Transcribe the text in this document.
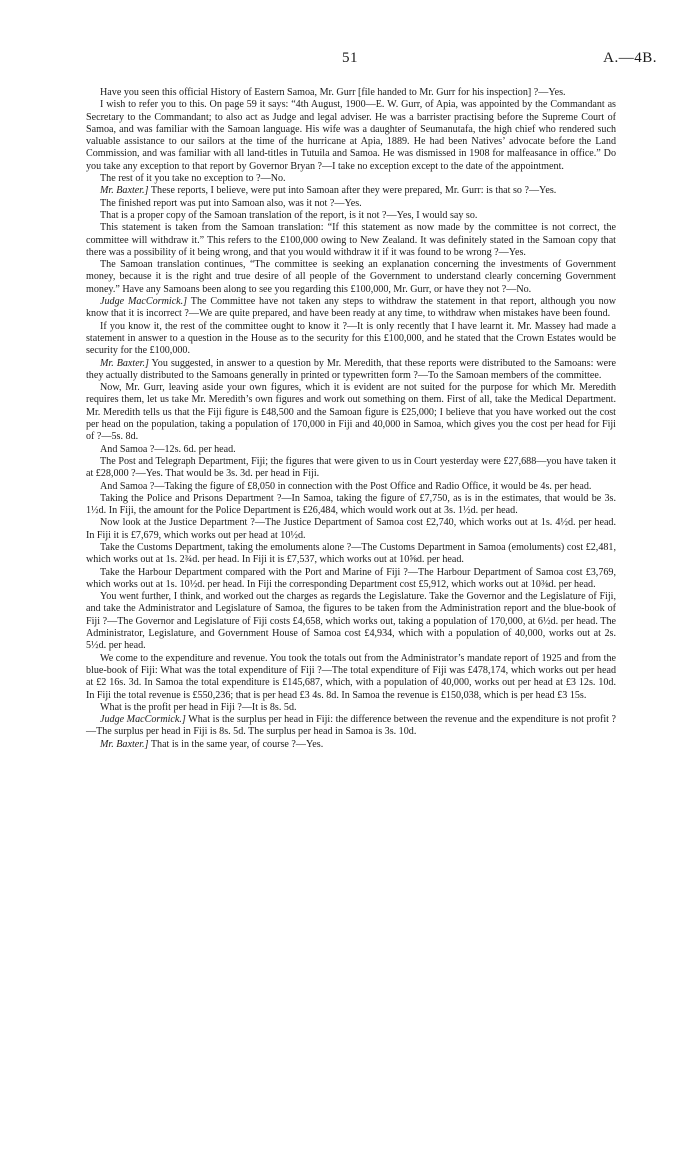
51	A.—4B.

Have you seen this official History of Eastern Samoa, Mr. Gurr [file handed to Mr. Gurr for his inspection] ?—Yes.

I wish to refer you to this. On page 59 it says: “4th August, 1900—E. W. Gurr, of Apia, was appointed by the Commandant as Secretary to the Commandant; to also act as Judge and legal adviser. He was a barrister practising before the Supreme Court of Samoa, and was familiar with the Samoan language. His wife was a daughter of Seumanutafa, the high chief who rendered such valuable assistance to our sailors at the time of the hurricane at Apia, 1889. He had been Natives’ advocate before the Land Commission, and was familiar with all land-titles in Tutuila and Samoa. He was dismissed in 1908 for malfeasance in office.” Do you take any exception to that report by Governor Bryan ?—I take no exception except to the date of the appointment.

The rest of it you take no exception to ?—No.

Mr. Baxter.] These reports, I believe, were put into Samoan after they were prepared, Mr. Gurr: is that so ?—Yes.

The finished report was put into Samoan also, was it not ?—Yes.

That is a proper copy of the Samoan translation of the report, is it not ?—Yes, I would say so.

This statement is taken from the Samoan translation: “If this statement as now made by the committee is not correct, the committee will withdraw it.” This refers to the £100,000 owing to New Zealand. It was definitely stated in the Samoan copy that there was a possibility of it being wrong, and that you would withdraw it if it was found to be wrong ?—Yes.

The Samoan translation continues, “The committee is seeking an explanation concerning the investments of Government money, because it is the right and true desire of all people of the Government to understand clearly concerning Government money.” Have any Samoans been along to see you regarding this £100,000, Mr. Gurr, or have they not ?—No.

Judge MacCormick.] The Committee have not taken any steps to withdraw the statement in that report, although you now know that it is incorrect ?—We are quite prepared, and have been ready at any time, to withdraw when mistakes have been found.

If you know it, the rest of the committee ought to know it ?—It is only recently that I have learnt it. Mr. Massey had made a statement in answer to a question in the House as to the security for this £100,000, and he stated that the Crown Estates would be security for the £100,000.

Mr. Baxter.] You suggested, in answer to a question by Mr. Meredith, that these reports were distributed to the Samoans: were they actually distributed to the Samoans generally in printed or typewritten form ?—To the Samoan members of the committee.

Now, Mr. Gurr, leaving aside your own figures, which it is evident are not suited for the purpose for which Mr. Meredith requires them, let us take Mr. Meredith’s own figures and work out something on them. First of all, take the Medical Department. Mr. Meredith tells us that the Fiji figure is £48,500 and the Samoan figure is £25,000; I believe that you have worked out the cost per head on the population, taking a population of 170,000 in Fiji and 40,000 in Samoa, which gives you the cost per head for Fiji of ?—5s. 8d.

And Samoa ?—12s. 6d. per head.

The Post and Telegraph Department, Fiji; the figures that were given to us in Court yesterday were £27,688—you have taken it at £28,000 ?—Yes. That would be 3s. 3d. per head in Fiji.

And Samoa ?—Taking the figure of £8,050 in connection with the Post Office and Radio Office, it would be 4s. per head.

Taking the Police and Prisons Department ?—In Samoa, taking the figure of £7,750, as is in the estimates, that would be 3s. 1½d. In Fiji, the amount for the Police Department is £26,484, which would work out at 3s. 1½d. per head.

Now look at the Justice Department ?—The Justice Department of Samoa cost £2,740, which works out at 1s. 4½d. per head. In Fiji it is £7,679, which works out per head at 10½d.

Take the Customs Department, taking the emoluments alone ?—The Customs Department in Samoa (emoluments) cost £2,481, which works out at 1s. 2¾d. per head. In Fiji it is £7,537, which works out at 10⅝d. per head.

Take the Harbour Department compared with the Port and Marine of Fiji ?—The Harbour Department of Samoa cost £3,769, which works out at 1s. 10½d. per head. In Fiji the corresponding Department cost £5,912, which works out at 10⅜d. per head.

You went further, I think, and worked out the charges as regards the Legislature. Take the Governor and the Legislature of Fiji, and take the Administrator and Legislature of Samoa, the figures to be taken from the Administration report and the blue-book of Fiji ?—The Governor and Legislature of Fiji costs £4,658, which works out, taking a population of 170,000, at 6½d. per head. The Administrator, Legislature, and Government House of Samoa cost £4,934, which with a population of 40,000, works out at 2s. 5½d. per head.

We come to the expenditure and revenue. You took the totals out from the Administrator’s mandate report of 1925 and from the blue-book of Fiji: What was the total expenditure of Fiji ?—The total expenditure of Fiji was £478,174, which works out per head at £2 16s. 3d. In Samoa the total expenditure is £145,687, which, with a population of 40,000, works out per head at £3 12s. 10d. In Fiji the total revenue is £550,236; that is per head £3 4s. 8d. In Samoa the revenue is £150,038, which is per head £3 15s.

What is the profit per head in Fiji ?—It is 8s. 5d.

Judge MacCormick.] What is the surplus per head in Fiji: the difference between the revenue and the expenditure is not profit ?—The surplus per head in Fiji is 8s. 5d. The surplus per head in Samoa is 3s. 10d.

Mr. Baxter.] That is in the same year, of course ?—Yes.
